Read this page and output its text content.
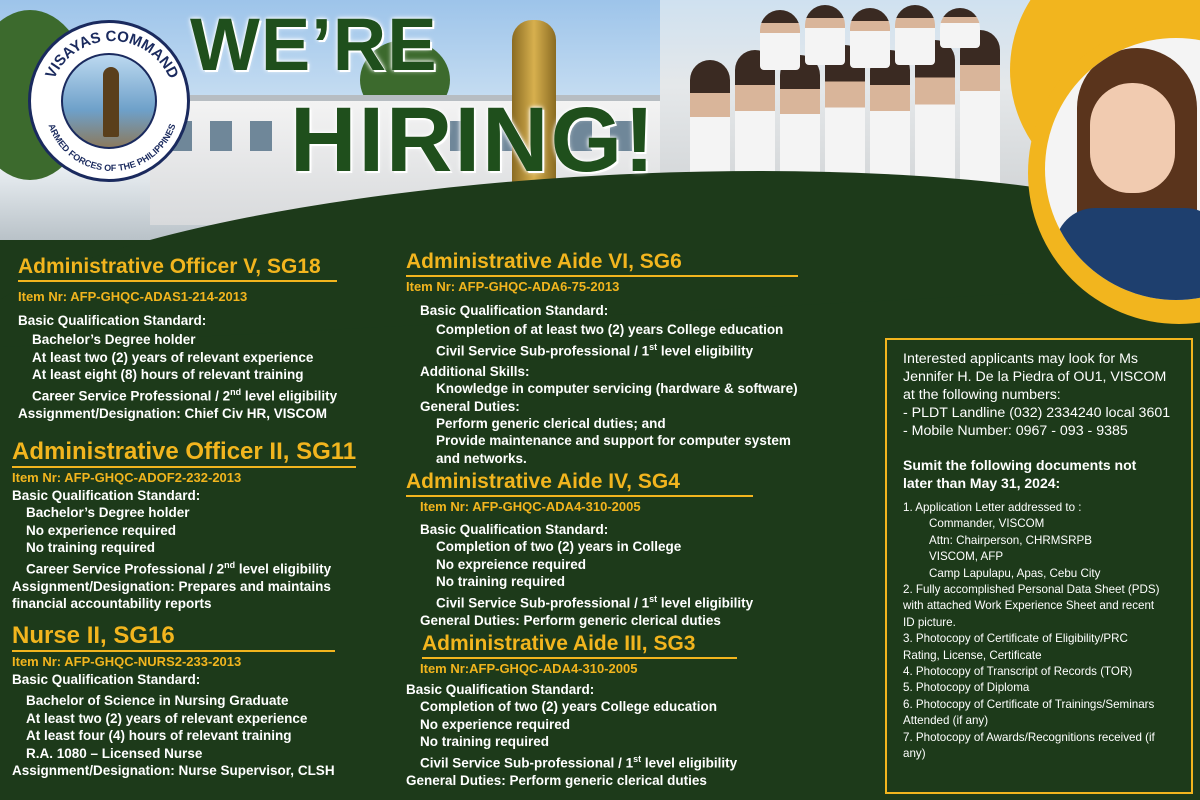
VISAYAS COMMAND
ARMED FORCES OF THE PHILIPPINES
WE’RE
HIRING!
Administrative Officer V, SG18
Item Nr: AFP-GHQC-ADAS1-214-2013
Basic Qualification Standard:
Bachelor’s Degree holder
At least two (2) years of relevant experience
At least eight (8) hours of relevant training
Career Service Professional / 2nd level eligibility
Assignment/Designation: Chief Civ HR, VISCOM
Administrative Officer II, SG11
Item Nr: AFP-GHQC-ADOF2-232-2013
Basic Qualification Standard:
Bachelor’s Degree holder
No experience required
No training required
Career Service Professional / 2nd level eligibility
Assignment/Designation: Prepares and maintains
financial accountability reports
Nurse II, SG16
Item Nr: AFP-GHQC-NURS2-233-2013
Basic Qualification Standard:
Bachelor of Science in Nursing Graduate
At least two (2) years of relevant experience
At least four (4) hours of relevant training
R.A. 1080 – Licensed Nurse
Assignment/Designation: Nurse Supervisor, CLSH
Administrative Aide VI, SG6
Item Nr: AFP-GHQC-ADA6-75-2013
Basic Qualification Standard:
Completion of at least two (2) years College education
Civil Service Sub-professional / 1st level eligibility
Additional Skills:
Knowledge in computer servicing (hardware & software)
General Duties:
Perform generic clerical duties; and
Provide maintenance and support for computer system
and networks.
Administrative Aide IV, SG4
Item Nr: AFP-GHQC-ADA4-310-2005
Basic Qualification Standard:
Completion of two (2) years in College
No expreience required
No training required
Civil Service Sub-professional / 1st level eligibility
General Duties: Perform generic clerical duties
Administrative Aide III, SG3
Item Nr:AFP-GHQC-ADA4-310-2005
Basic Qualification Standard:
Completion of two (2) years College education
No experience required
No training required
Civil Service Sub-professional / 1st level eligibility
General Duties: Perform generic clerical duties
Interested applicants may look for Ms
Jennifer H. De la Piedra of OU1, VISCOM
at the following numbers:
- PLDT Landline (032) 2334240 local 3601
- Mobile Number: 0967 - 093 - 9385
Sumit the following documents not
later than May 31, 2024:
1. Application Letter addressed to :
Commander, VISCOM
Attn: Chairperson, CHRMSRPB
VISCOM, AFP
Camp Lapulapu, Apas, Cebu City
2. Fully accomplished Personal Data Sheet (PDS)
with attached Work Experience Sheet and recent
ID picture.
3. Photocopy of Certificate of Eligibility/PRC
Rating, License, Certificate
4. Photocopy of Transcript of Records (TOR)
5. Photocopy of Diploma
6. Photocopy of Certificate of Trainings/Seminars
Attended (if any)
7. Photocopy of Awards/Recognitions received (if
any)
